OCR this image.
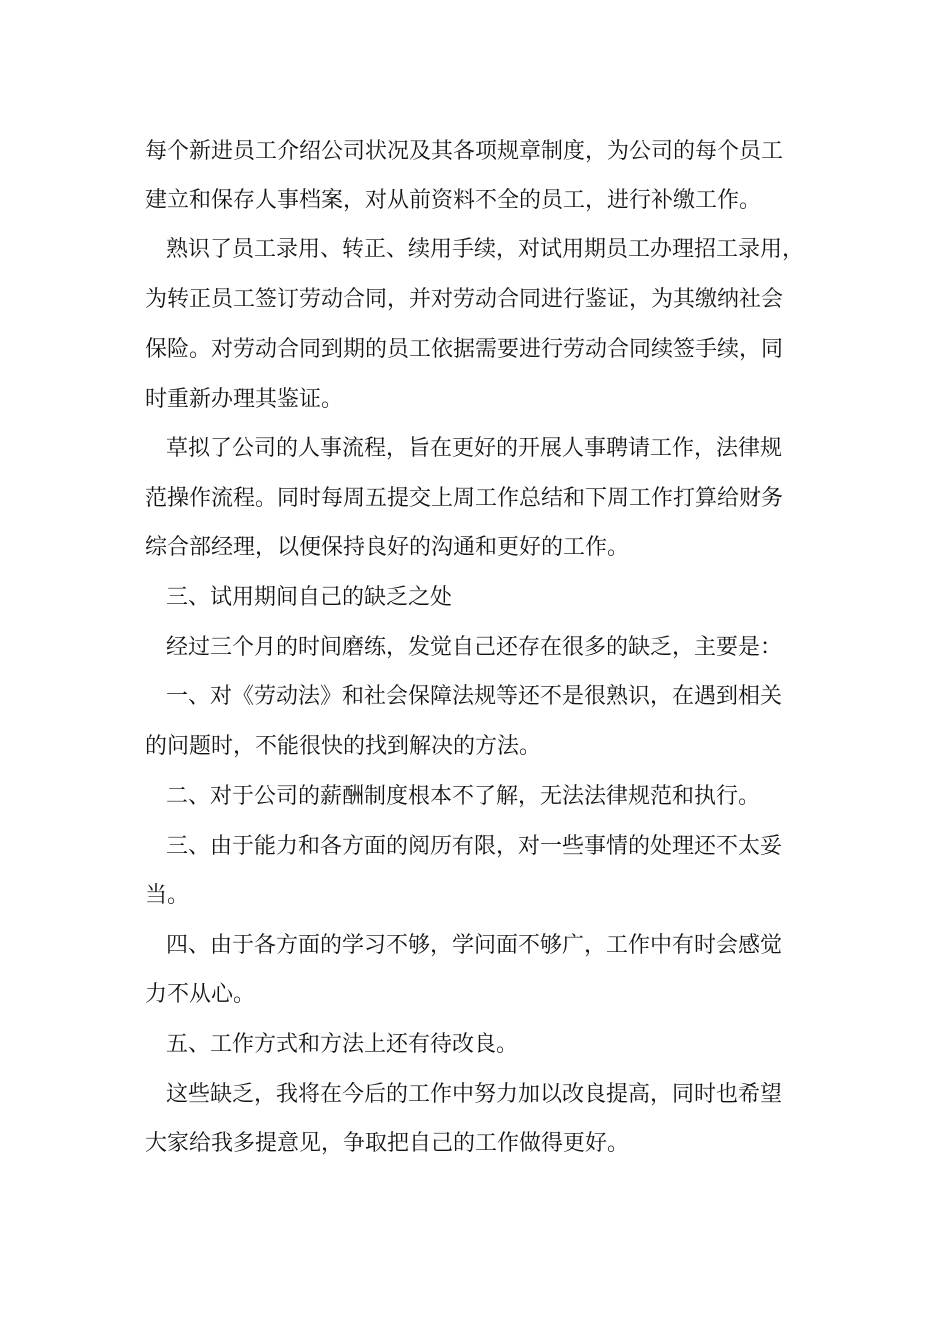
每个新进员工介绍公司状况及其各项规章制度，为公司的每个员工
建立和保存人事档案，对从前资料不全的员工，进行补缴工作。
熟识了员工录用、转正、续用手续，对试用期员工办理招工录用，
为转正员工签订劳动合同，并对劳动合同进行鉴证，为其缴纳社会
保险。对劳动合同到期的员工依据需要进行劳动合同续签手续，同
时重新办理其鉴证。
草拟了公司的人事流程，旨在更好的开展人事聘请工作，法律规
范操作流程。同时每周五提交上周工作总结和下周工作打算给财务
综合部经理，以便保持良好的沟通和更好的工作。
三、试用期间自己的缺乏之处
经过三个月的时间磨练，发觉自己还存在很多的缺乏，主要是：
一、对《劳动法》和社会保障法规等还不是很熟识，在遇到相关
的问题时，不能很快的找到解决的方法。
二、对于公司的薪酬制度根本不了解，无法法律规范和执行。
三、由于能力和各方面的阅历有限，对一些事情的处理还不太妥
当。
四、由于各方面的学习不够，学问面不够广，工作中有时会感觉
力不从心。
五、工作方式和方法上还有待改良。
这些缺乏，我将在今后的工作中努力加以改良提高，同时也希望
大家给我多提意见，争取把自己的工作做得更好。
